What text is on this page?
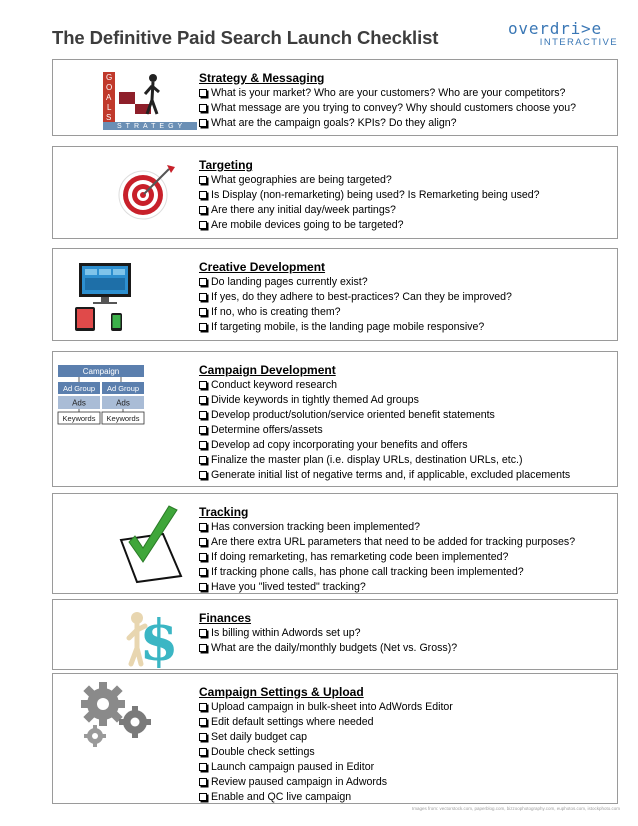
The Definitive Paid Search Launch Checklist	overdri>e
INTERACTIVE
G
O
A
L
S
STRATEGY
Strategy & Messaging
What is your market? Who are your customers? Who are your competitors?
What message are you trying to convey? Why should customers choose you?
What are the campaign goals? KPIs? Do they align?
Targeting
What geographies are being targeted?
Is Display (non-remarketing) being used? Is Remarketing being used?
Are there any initial day/week partings?
Are mobile devices going to be targeted?
Creative Development
Do landing pages currently exist?
If yes, do they adhere to best-practices? Can they be improved?
If no, who is creating them?
If targeting mobile, is the landing page mobile responsive?
Campaign
Ad Group Ad Group
Ads	Ads
Keywords Keywords
Campaign Development
Conduct keyword research
Divide keywords in tightly themed Ad groups
Develop product/solution/service oriented benefit statements
Determine offers/assets
Develop ad copy incorporating your benefits and offers
Finalize the master plan (i.e. display URLs, destination URLs, etc.)
Generate initial list of negative terms and, if applicable, excluded placements
Tracking
Has conversion tracking been implemented?
Are there extra URL parameters that need to be added for tracking purposes?
If doing remarketing, has remarketing code been implemented?
If tracking phone calls, has phone call tracking been implemented?
Have you "lived tested" tracking?
$ Finances
Is billing within Adwords set up?
What are the daily/monthly budgets (Net vs. Gross)?
Campaign Settings & Upload
Upload campaign in bulk-sheet into AdWords Editor
Edit default settings where needed
Set daily budget cap
Double check settings
Launch campaign paused in Editor
Review paused campaign in Adwords
Enable and QC live campaign
Images from: vectorstock.com, paperblog.com, bizzoophotography.com, euphotos.com, istockphoto.com
